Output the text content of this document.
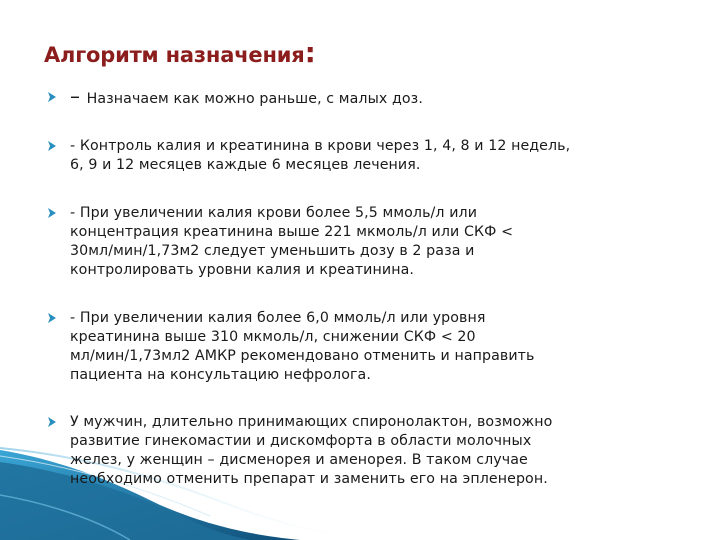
Алгоритм назначения:
– Назначаем как можно раньше, с малых доз.
- Контроль калия и креатинина в крови через 1, 4, 8 и 12 недель,
6, 9 и 12 месяцев каждые 6 месяцев лечения.
- При увеличении калия крови более 5,5 ммоль/л или
концентрация креатинина выше 221 мкмоль/л или СКФ <
30мл/мин/1,73м2 следует уменьшить дозу в 2 раза и
контролировать уровни калия и креатинина.
- При увеличении калия более 6,0 ммоль/л или уровня
креатинина выше 310 мкмоль/л, снижении СКФ < 20
мл/мин/1,73мл2 АМКР рекомендовано отменить и направить
пациента на консультацию нефролога.
У мужчин, длительно принимающих спиронолактон, возможно
развитие гинекомастии и дискомфорта в области молочных
желез, у женщин – дисменорея и аменорея. В таком случае
необходимо отменить препарат и заменить его на эпленерон.
